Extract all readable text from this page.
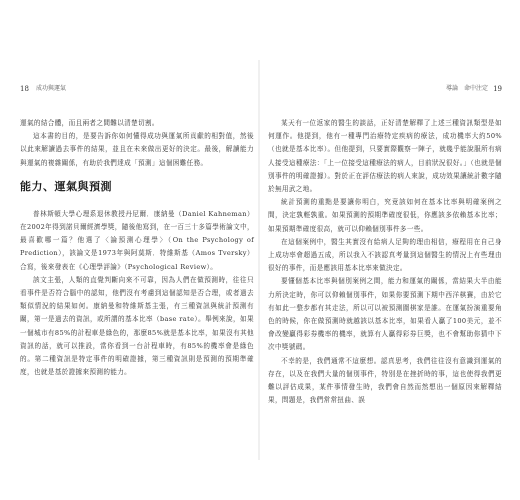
18 成功與運氣

運氣的結合體，而且兩者之間難以清楚切割。

這本書的目的，是要告訴你如何懂得成功與運氣所貢獻的相對值，然後以此來解讀過去事件的結果，並且在未來做出更好的決定。最後，解讀能力與運氣的複雜關係，有助於我們達成「預測」這個困難任務。

能力、運氣與預測

普林斯頓大學心理系退休教授丹尼爾．康納曼（Daniel Kahneman）在2002年得到諾貝爾經濟學獎，隨後他寫到，在一百三十多篇學術論文中，最喜歡哪一篇？他選了〈論預測心理學〉（On the Psychology of Prediction），該論文是1973年與阿莫斯．特維斯基（Amos Tversky）合寫，後來發表在《心理學評論》（Psychological Review）。

該文主張，人類的直覺判斷向來不可靠，因為人們在做預測時，往往只看事件是否符合腦中的認知，他們沒有考慮到這個認知是否合理，或者過去類似情況的結果如何。康納曼和特維斯基主張，有三種資訊與統計預測有關，第一是過去的資訊，或所謂的基本比率（base rate）。舉例來說，如果一個城市有85%的計程車是綠色的，那麼85%就是基本比率，如果沒有其他資訊的話，就可以推設，當你看到一台計程車時，有85%的機率會是綠色的。第二種資訊是特定事件的明確證據，第三種資訊則是預測的預期準確度，也就是基於證據來預測的能力。

導論　命中注定 19

某天有一位返家的醫生的談話，正好清楚解釋了上述三種資訊類型是如何運作。他提到，他有一種專門治療特定疾病的療法，成功機率大約50%（也就是基本比率）。但他提到，只要實際觀察一陣子，就幾乎能說服所有病人接受這種療法：「上一位接受這種療法的病人，目前狀況很好。」（也就是個別事件的明確證據）。對於正在評估療法的病人來說，成功效果讓統計數字隨於無用武之地。

統計預測的重點是要讓你明白，究竟該如何在基本比率與明確案例之間，決定孰輕孰重。如果預測的預期準確度很低，你應該多依賴基本比率；如果預期準確度很高，就可以仰賴個別事件多一些。

在這個案例中，醫生其實沒有給病人足夠的理由相信，療程用在自己身上成功率會超過五成，所以我入不該認真考量到這個醫生的情況上有些理由很好的事件，而是應該用基本比率來做決定。

要懂個基本比率與個別案例之間，能力和運氣的關係，當結果大半由能力所決定時，你可以仰賴個別事件，如果你要預測下期中西洋棋賽，由於它有如此一整步都有其走法，所以可以被預測圍棋家是誰。在運氣扮演重要角色的時候，你在做預測時就越該以基本比率，如果看人贏了100美元，並不會改變贏得彩券機率的機率，就算有人贏得彩券巨獎，也不會幫助你猜中下次中獎號碼。

不幸的是，我們通常不這麼想。認真思考，我們往往沒有意識到運氣的存在，以及在我們大量的個別事件，特別是在挫折時的事，這也使得我們更難以評估成果，某件事情發生時，我們會自然而然想出一個原因來解釋結果，問題是，我們常常扭曲、誤
